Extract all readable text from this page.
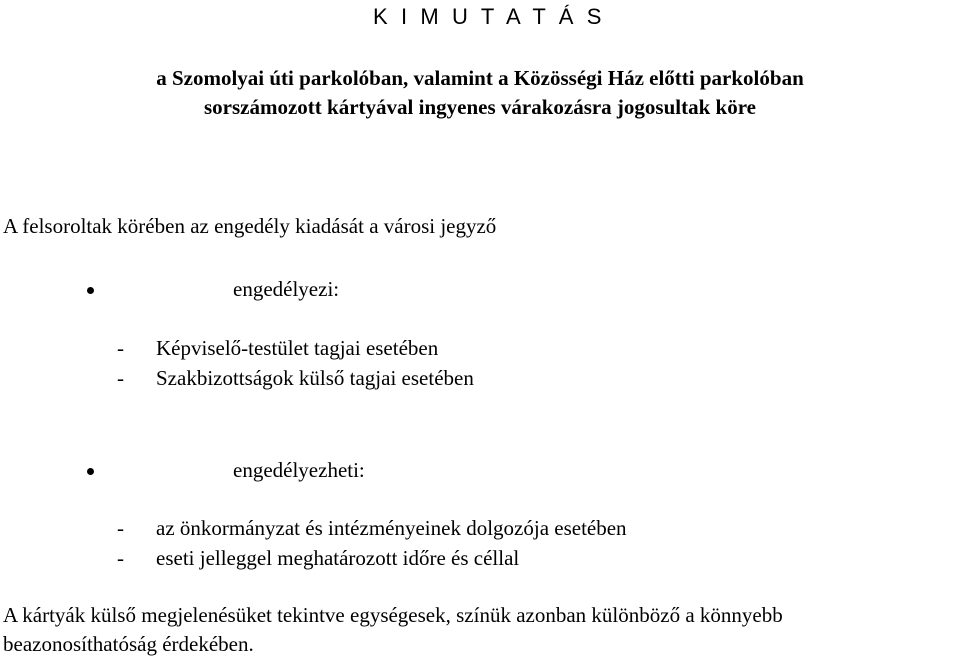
K I M U T A T Á S
a Szomolyai úti parkolóban, valamint a Közösségi Ház előtti parkolóban
sorszámozott kártyával ingyenes várakozásra jogosultak köre
A felsoroltak körében az engedély kiadását a városi jegyző
engedélyezi:
- Képviselő-testület tagjai esetében
- Szakbizottságok külső tagjai esetében
engedélyezheti:
- az önkormányzat és intézményeinek dolgozója esetében
- eseti jelleggel meghatározott időre és céllal
A kártyák külső megjelenésüket tekintve egységesek, színük azonban különböző a könnyebb
beazonosíthatóság érdekében.
